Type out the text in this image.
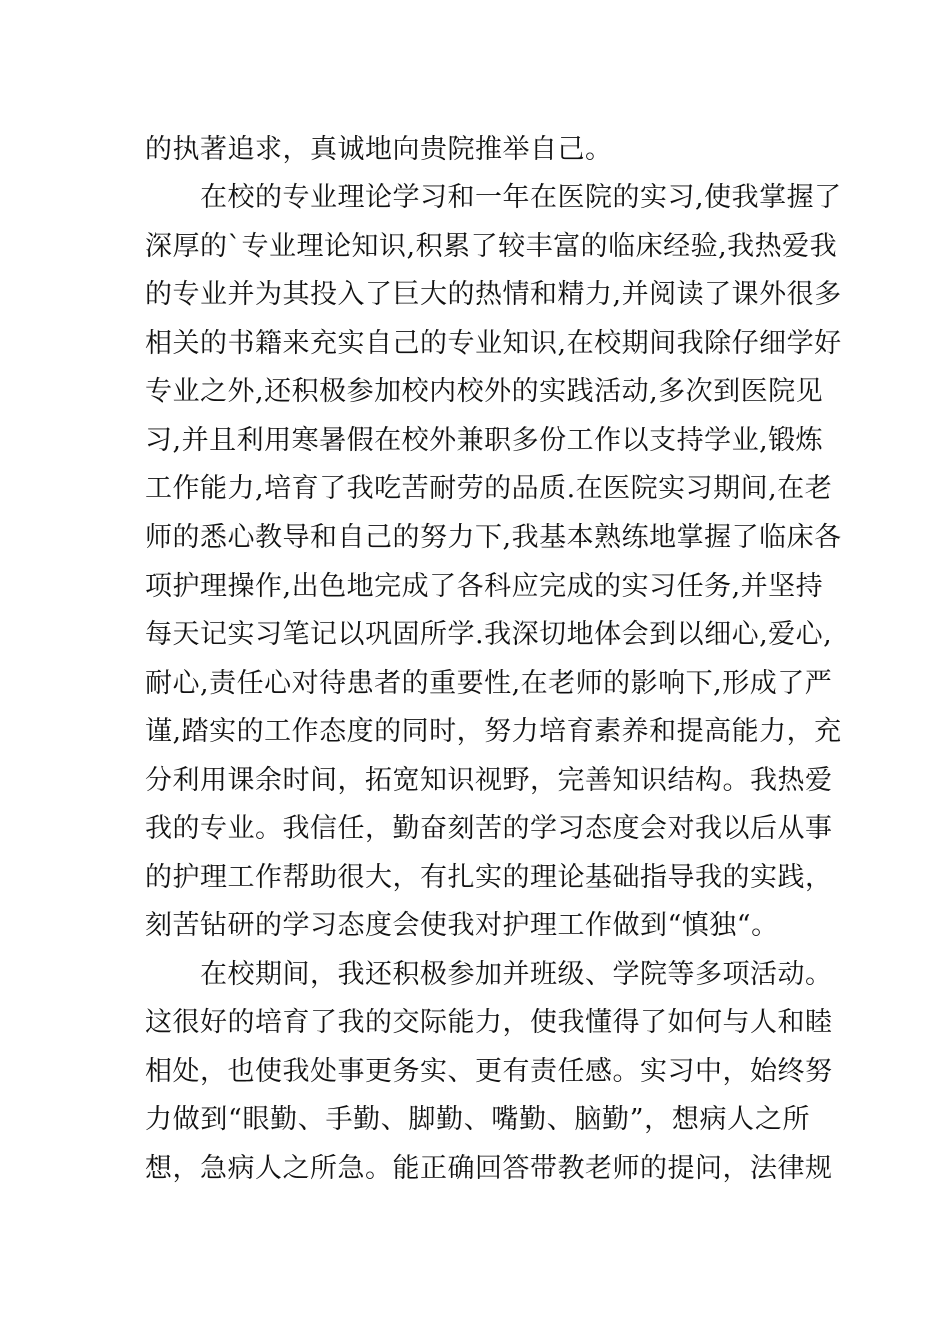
的执著追求，真诚地向贵院推举自己。
在校的专业理论学习和一年在医院的实习,使我掌握了
深厚的`专业理论知识,积累了较丰富的临床经验,我热爱我
的专业并为其投入了巨大的热情和精力,并阅读了课外很多
相关的书籍来充实自己的专业知识,在校期间我除仔细学好
专业之外,还积极参加校内校外的实践活动,多次到医院见
习,并且利用寒暑假在校外兼职多份工作以支持学业,锻炼
工作能力,培育了我吃苦耐劳的品质.在医院实习期间,在老
师的悉心教导和自己的努力下,我基本熟练地掌握了临床各
项护理操作,出色地完成了各科应完成的实习任务,并坚持
每天记实习笔记以巩固所学.我深切地体会到以细心,爱心,
耐心,责任心对待患者的重要性,在老师的影响下,形成了严
谨,踏实的工作态度的同时，努力培育素养和提高能力，充
分利用课余时间，拓宽知识视野，完善知识结构。我热爱
我的专业。我信任，勤奋刻苦的学习态度会对我以后从事
的护理工作帮助很大，有扎实的理论基础指导我的实践，
刻苦钻研的学习态度会使我对护理工作做到“慎独“。
在校期间，我还积极参加并班级、学院等多项活动。
这很好的培育了我的交际能力，使我懂得了如何与人和睦
相处，也使我处事更务实、更有责任感。实习中，始终努
力做到“眼勤、手勤、脚勤、嘴勤、脑勤”，想病人之所
想，急病人之所急。能正确回答带教老师的提问，法律规
